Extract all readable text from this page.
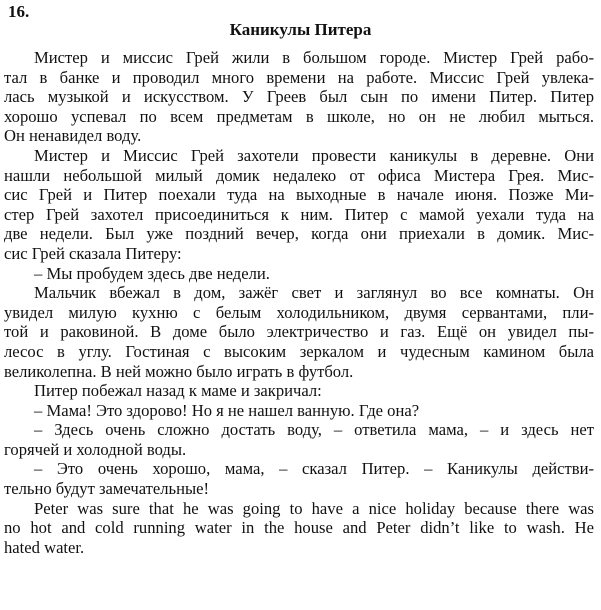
16.
Каникулы Питера
Мистер и миссис Грей жили в большом городе. Мистер Грей рабо-
тал в банке и проводил много времени на работе. Миссис Грей увлека-
лась музыкой и искусством. У Греев был сын по имени Питер. Питер
хорошо успевал по всем предметам в школе, но он не любил мыться.
Он ненавидел воду.
Мистер и Миссис Грей захотели провести каникулы в деревне. Они
нашли небольшой милый домик недалеко от офиса Мистера Грея. Мис-
сис Грей и Питер поехали туда на выходные в начале июня. Позже Ми-
стер Грей захотел присоединиться к ним. Питер с мамой уехали туда на
две недели. Был уже поздний вечер, когда они приехали в домик. Мис-
сис Грей сказала Питеру:
– Мы пробудем здесь две недели.
Мальчик вбежал в дом, зажёг свет и заглянул во все комнаты. Он
увидел милую кухню с белым холодильником, двумя сервантами, пли-
той и раковиной. В доме было электричество и газ. Ещё он увидел пы-
лесос в углу. Гостиная с высоким зеркалом и чудесным камином была
великолепна. В ней можно было играть в футбол.
Питер побежал назад к маме и закричал:
– Мама! Это здорово! Но я не нашел ванную. Где она?
– Здесь очень сложно достать воду, – ответила мама, – и здесь нет
горячей и холодной воды.
– Это очень хорошо, мама, – сказал Питер. – Каникулы действи-
тельно будут замечательные!
Peter was sure that he was going to have a nice holiday because there was
no hot and cold running water in the house and Peter didn’t like to wash. He
hated water.
